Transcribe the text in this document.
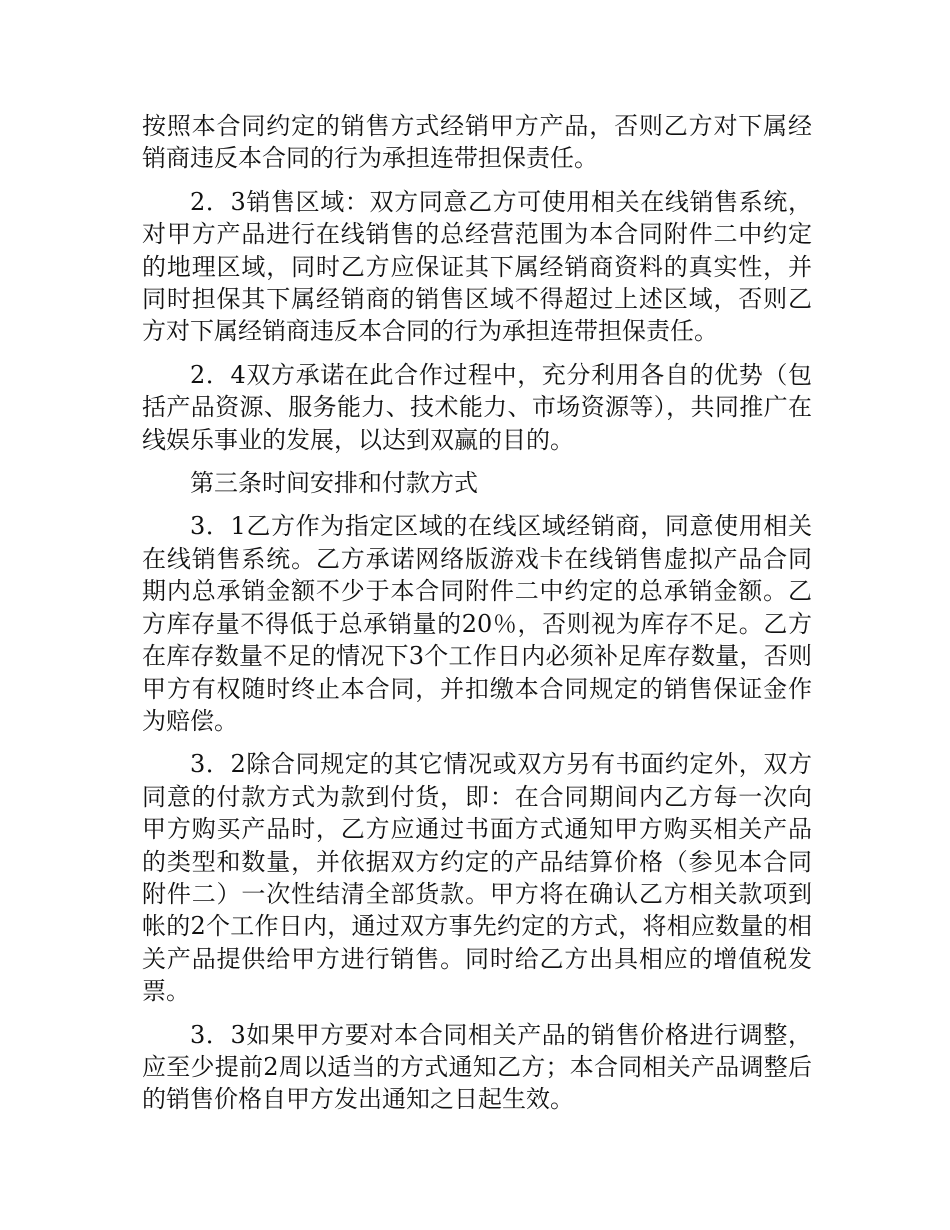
按照本合同约定的销售方式经销甲方产品，否则乙方对下属经销商违反本合同的行为承担连带担保责任。

2．3销售区域：双方同意乙方可使用相关在线销售系统，对甲方产品进行在线销售的总经营范围为本合同附件二中约定的地理区域，同时乙方应保证其下属经销商资料的真实性，并同时担保其下属经销商的销售区域不得超过上述区域，否则乙方对下属经销商违反本合同的行为承担连带担保责任。

2．4双方承诺在此合作过程中，充分利用各自的优势（包括产品资源、服务能力、技术能力、市场资源等），共同推广在线娱乐事业的发展，以达到双赢的目的。

第三条时间安排和付款方式

3．1乙方作为指定区域的在线区域经销商，同意使用相关在线销售系统。乙方承诺网络版游戏卡在线销售虚拟产品合同期内总承销金额不少于本合同附件二中约定的总承销金额。乙方库存量不得低于总承销量的20％，否则视为库存不足。乙方在库存数量不足的情况下3个工作日内必须补足库存数量，否则甲方有权随时终止本合同，并扣缴本合同规定的销售保证金作为赔偿。

3．2除合同规定的其它情况或双方另有书面约定外，双方同意的付款方式为款到付货，即：在合同期间内乙方每一次向甲方购买产品时，乙方应通过书面方式通知甲方购买相关产品的类型和数量，并依据双方约定的产品结算价格（参见本合同附件二）一次性结清全部货款。甲方将在确认乙方相关款项到帐的2个工作日内，通过双方事先约定的方式，将相应数量的相关产品提供给甲方进行销售。同时给乙方出具相应的增值税发票。

3．3如果甲方要对本合同相关产品的销售价格进行调整，应至少提前2周以适当的方式通知乙方；本合同相关产品调整后的销售价格自甲方发出通知之日起生效。
